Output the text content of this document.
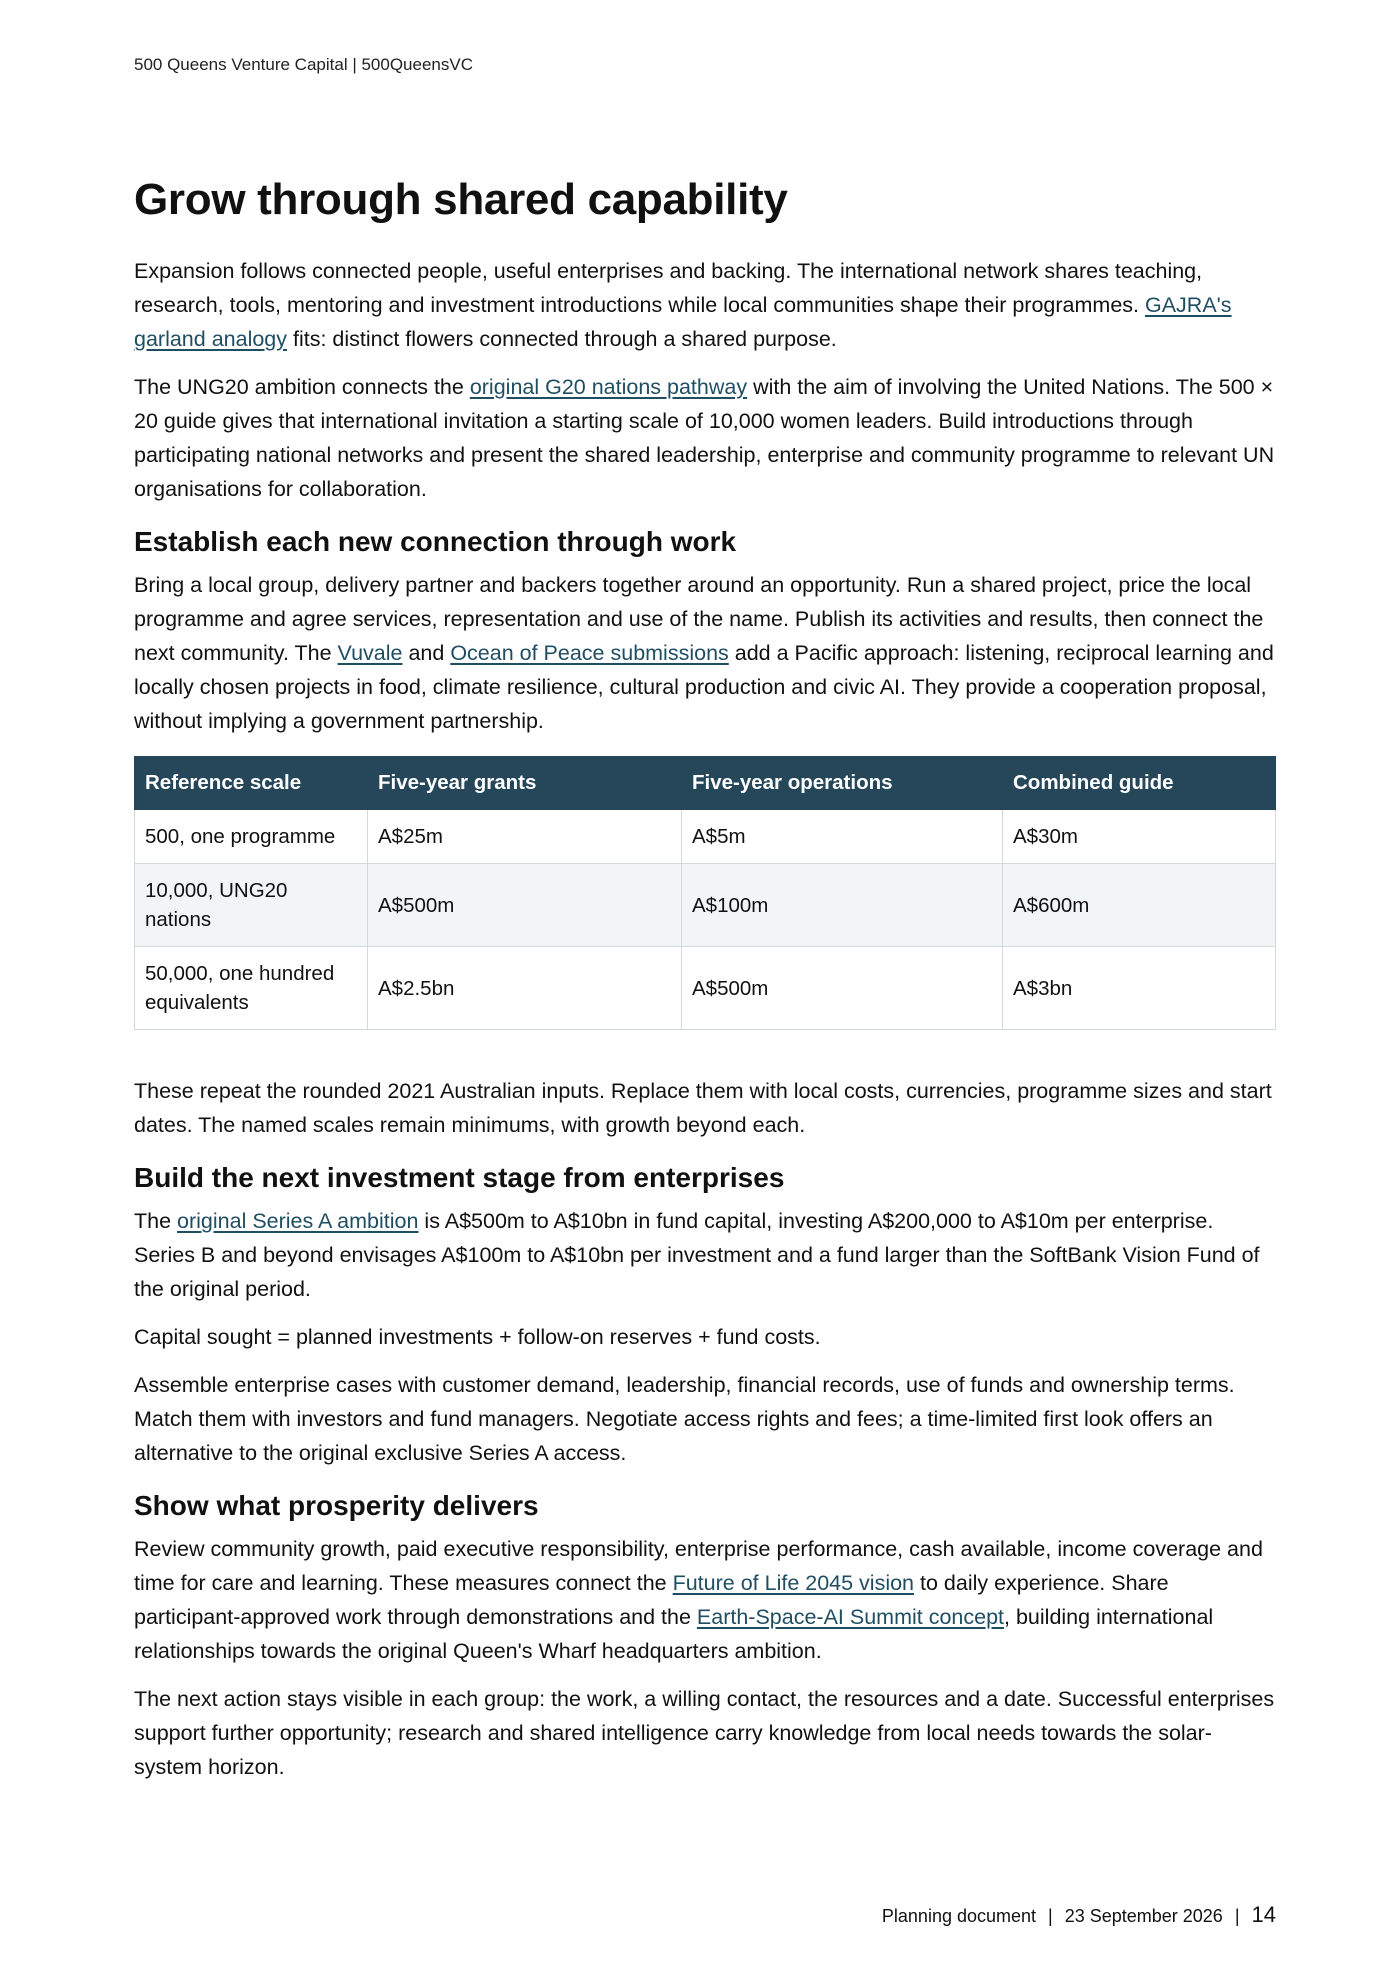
500 Queens Venture Capital | 500QueensVC
Grow through shared capability

Expansion follows connected people, useful enterprises and backing. The international network shares teaching, research, tools, mentoring and investment introductions while local communities shape their programmes. GAJRA's garland analogy fits: distinct flowers connected through a shared purpose.

The UNG20 ambition connects the original G20 nations pathway with the aim of involving the United Nations. The 500 × 20 guide gives that international invitation a starting scale of 10,000 women leaders. Build introductions through participating national networks and present the shared leadership, enterprise and community programme to relevant UN organisations for collaboration.

Establish each new connection through work

Bring a local group, delivery partner and backers together around an opportunity. Run a shared project, price the local programme and agree services, representation and use of the name. Publish its activities and results, then connect the next community. The Vuvale and Ocean of Peace submissions add a Pacific approach: listening, reciprocal learning and locally chosen projects in food, climate resilience, cultural production and civic AI. They provide a cooperation proposal, without implying a government partnership.

Reference scale	Five-year grants	Five-year operations	Combined guide
500, one programme	A$25m	A$5m	A$30m
10,000, UNG20 nations	A$500m	A$100m	A$600m
50,000, one hundred equivalents	A$2.5bn	A$500m	A$3bn

These repeat the rounded 2021 Australian inputs. Replace them with local costs, currencies, programme sizes and start dates. The named scales remain minimums, with growth beyond each.

Build the next investment stage from enterprises

The original Series A ambition is A$500m to A$10bn in fund capital, investing A$200,000 to A$10m per enterprise. Series B and beyond envisages A$100m to A$10bn per investment and a fund larger than the SoftBank Vision Fund of the original period.

Capital sought = planned investments + follow-on reserves + fund costs.

Assemble enterprise cases with customer demand, leadership, financial records, use of funds and ownership terms. Match them with investors and fund managers. Negotiate access rights and fees; a time-limited first look offers an alternative to the original exclusive Series A access.

Show what prosperity delivers

Review community growth, paid executive responsibility, enterprise performance, cash available, income coverage and time for care and learning. These measures connect the Future of Life 2045 vision to daily experience. Share participant-approved work through demonstrations and the Earth-Space-AI Summit concept, building international relationships towards the original Queen's Wharf headquarters ambition.

The next action stays visible in each group: the work, a willing contact, the resources and a date. Successful enterprises support further opportunity; research and shared intelligence carry knowledge from local needs towards the solar-system horizon.

Planning document | 23 September 2026 | 14
